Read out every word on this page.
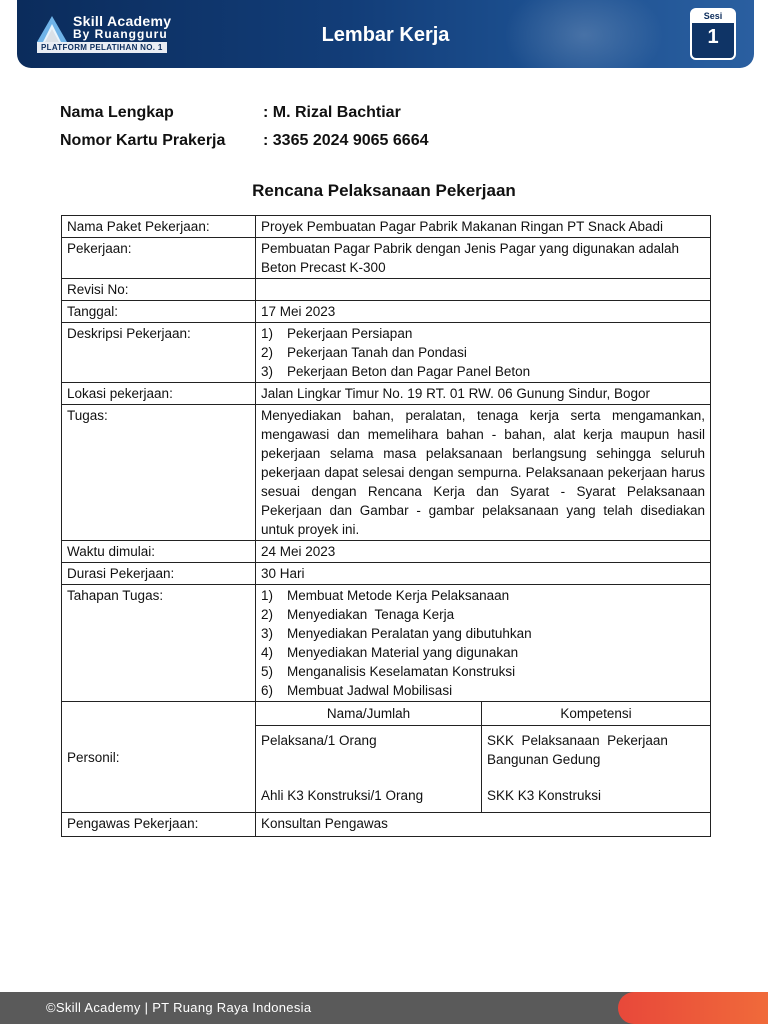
Skill Academy
By Ruangguru
PLATFORM PELATIHAN NO. 1
Lembar Kerja
Sesi
1
Nama Lengkap	: M. Rizal Bachtiar
Nomor Kartu Prakerja	: 3365 2024 9065 6664
Rencana Pelaksanaan Pekerjaan
Nama Paket Pekerjaan:	Proyek Pembuatan Pagar Pabrik Makanan Ringan PT Snack Abadi
Pekerjaan:	Pembuatan Pagar Pabrik dengan Jenis Pagar yang digunakan adalah Beton Precast K-300
Revisi No:	
Tanggal:	17 Mei 2023
Deskripsi Pekerjaan:	1)	Pekerjaan Persiapan
2)	Pekerjaan Tanah dan Pondasi
3)	Pekerjaan Beton dan Pagar Panel Beton

Lokasi pekerjaan:	Jalan Lingkar Timur No. 19 RT. 01 RW. 06 Gunung Sindur, Bogor
Tugas:	Menyediakan bahan, peralatan, tenaga kerja serta mengamankan, mengawasi dan memelihara bahan - bahan, alat kerja maupun hasil pekerjaan selama masa pelaksanaan berlangsung sehingga seluruh pekerjaan dapat selesai dengan sempurna. Pelaksanaan pekerjaan harus sesuai dengan Rencana Kerja dan Syarat - Syarat Pelaksanaan Pekerjaan dan Gambar - gambar pelaksanaan yang telah disediakan untuk proyek ini.
Waktu dimulai:	24 Mei 2023
Durasi Pekerjaan:	30 Hari
Tahapan Tugas:	1)	Membuat Metode Kerja Pelaksanaan
2)	Menyediakan  Tenaga Kerja
3)	Menyediakan Peralatan yang dibutuhkan
4)	Menyediakan Material yang digunakan
5)	Menganalisis Keselamatan Konstruksi
6)	Membuat Jadwal Mobilisasi

Personil:	
Nama/Jumlah	Kompetensi
Pelaksana/1 Orang	SKK  Pelaksanaan  Pekerjaan Bangunan Gedung
Ahli K3 Konstruksi/1 Orang	SKK K3 Konstruksi

Pengawas Pekerjaan:	Konsultan Pengawas
©Skill Academy | PT Ruang Raya Indonesia
